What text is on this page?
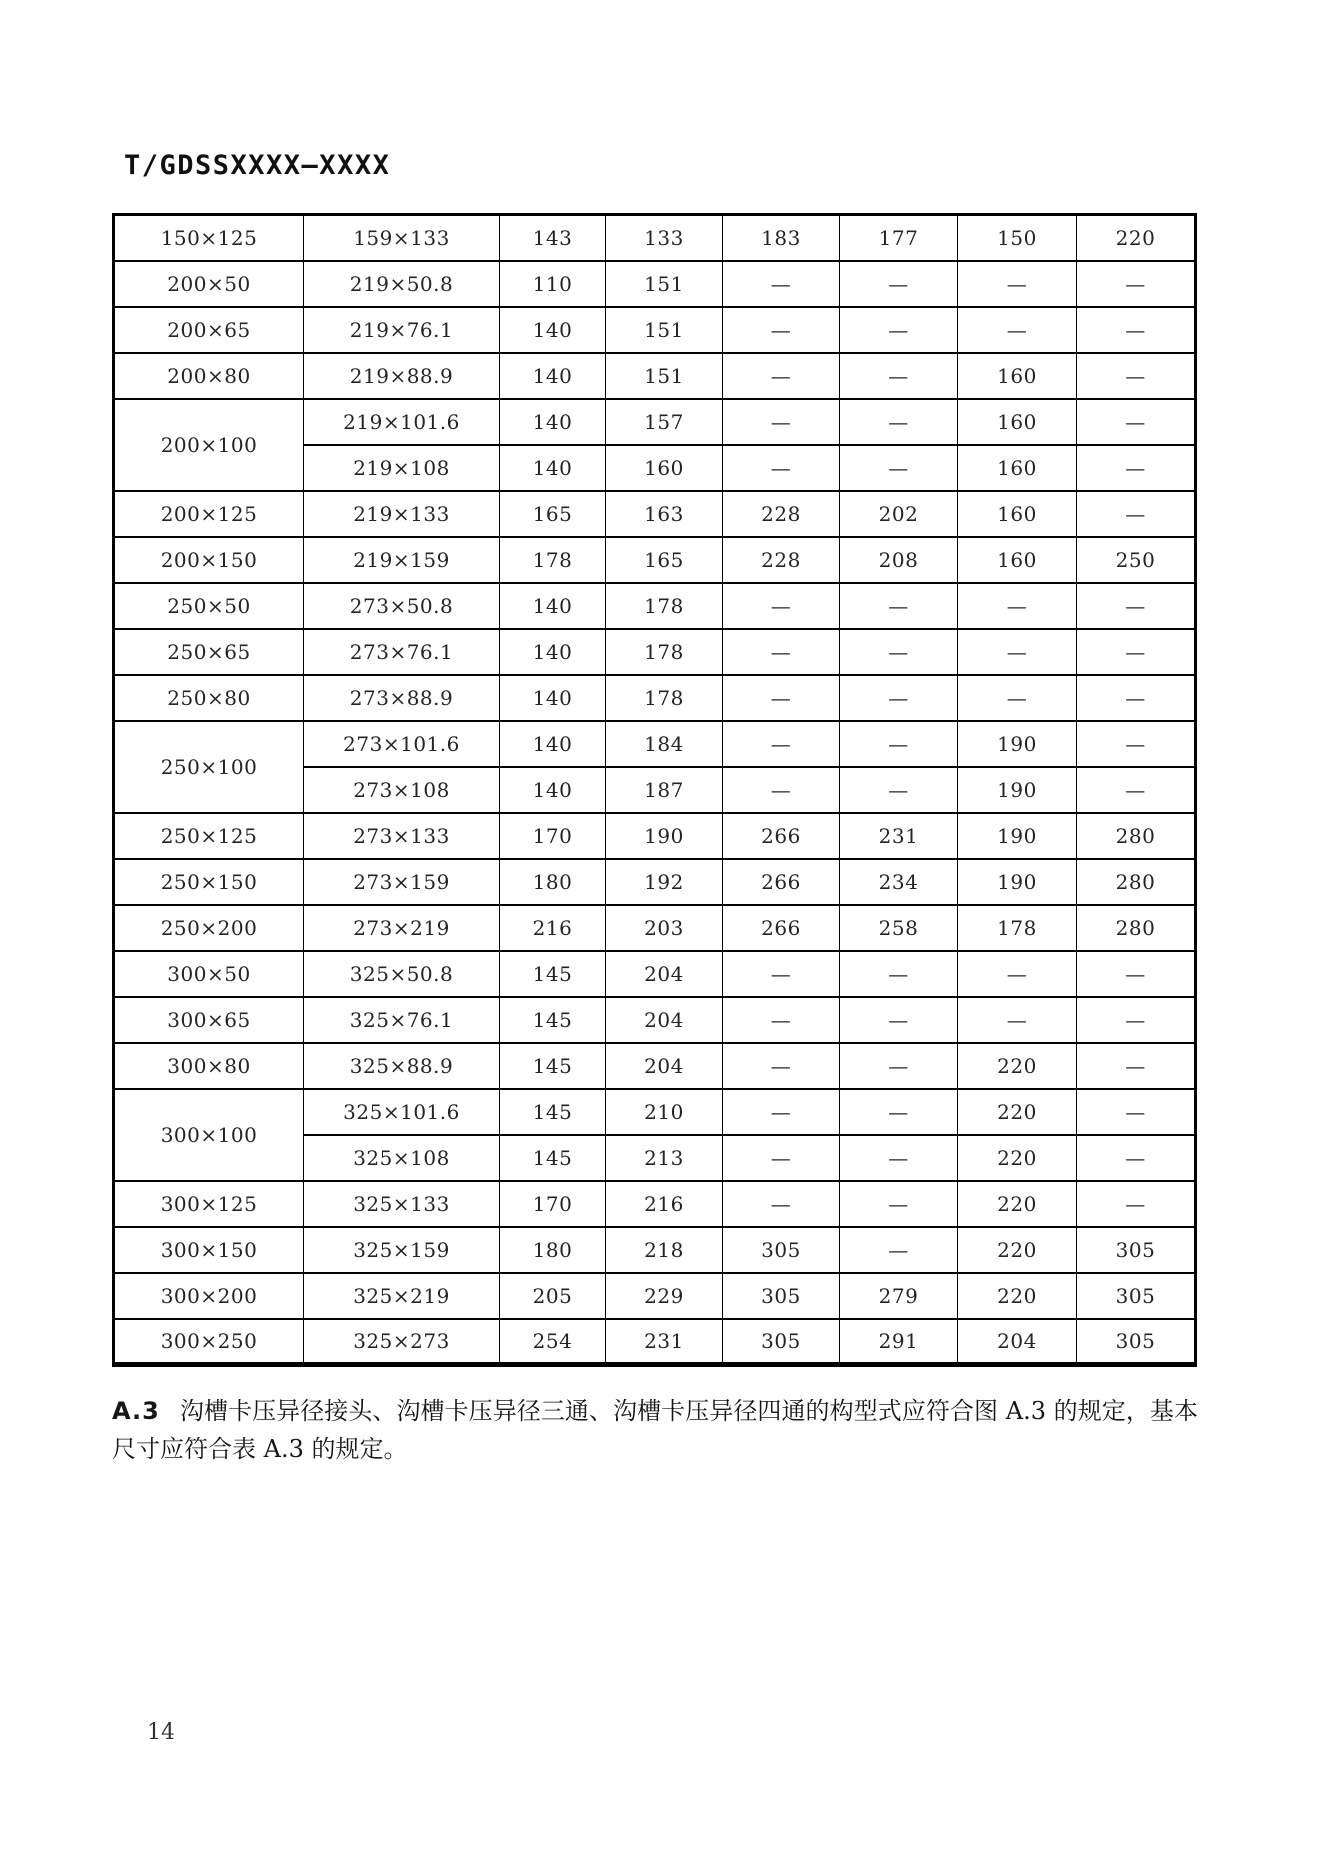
T/GDSSXXXX—XXXX
150×125	159×133	143	133	183	177	150	220
200×50	219×50.8	110	151	—	—	—	—
200×65	219×76.1	140	151	—	—	—	—
200×80	219×88.9	140	151	—	—	160	—
200×100	219×101.6	140	157	—	—	160	—
	219×108	140	160	—	—	160	—
200×125	219×133	165	163	228	202	160	—
200×150	219×159	178	165	228	208	160	250
250×50	273×50.8	140	178	—	—	—	—
250×65	273×76.1	140	178	—	—	—	—
250×80	273×88.9	140	178	—	—	—	—
250×100	273×101.6	140	184	—	—	190	—
	273×108	140	187	—	—	190	—
250×125	273×133	170	190	266	231	190	280
250×150	273×159	180	192	266	234	190	280
250×200	273×219	216	203	266	258	178	280
300×50	325×50.8	145	204	—	—	—	—
300×65	325×76.1	145	204	—	—	—	—
300×80	325×88.9	145	204	—	—	220	—
300×100	325×101.6	145	210	—	—	220	—
	325×108	145	213	—	—	220	—
300×125	325×133	170	216	—	—	220	—
300×150	325×159	180	218	305	—	220	305
300×200	325×219	205	229	305	279	220	305
300×250	325×273	254	231	305	291	204	305

A.3 沟槽卡压异径接头、沟槽卡压异径三通、沟槽卡压异径四通的构型式应符合图 A.3 的规定，基本尺寸应符合表 A.3 的规定。

14
